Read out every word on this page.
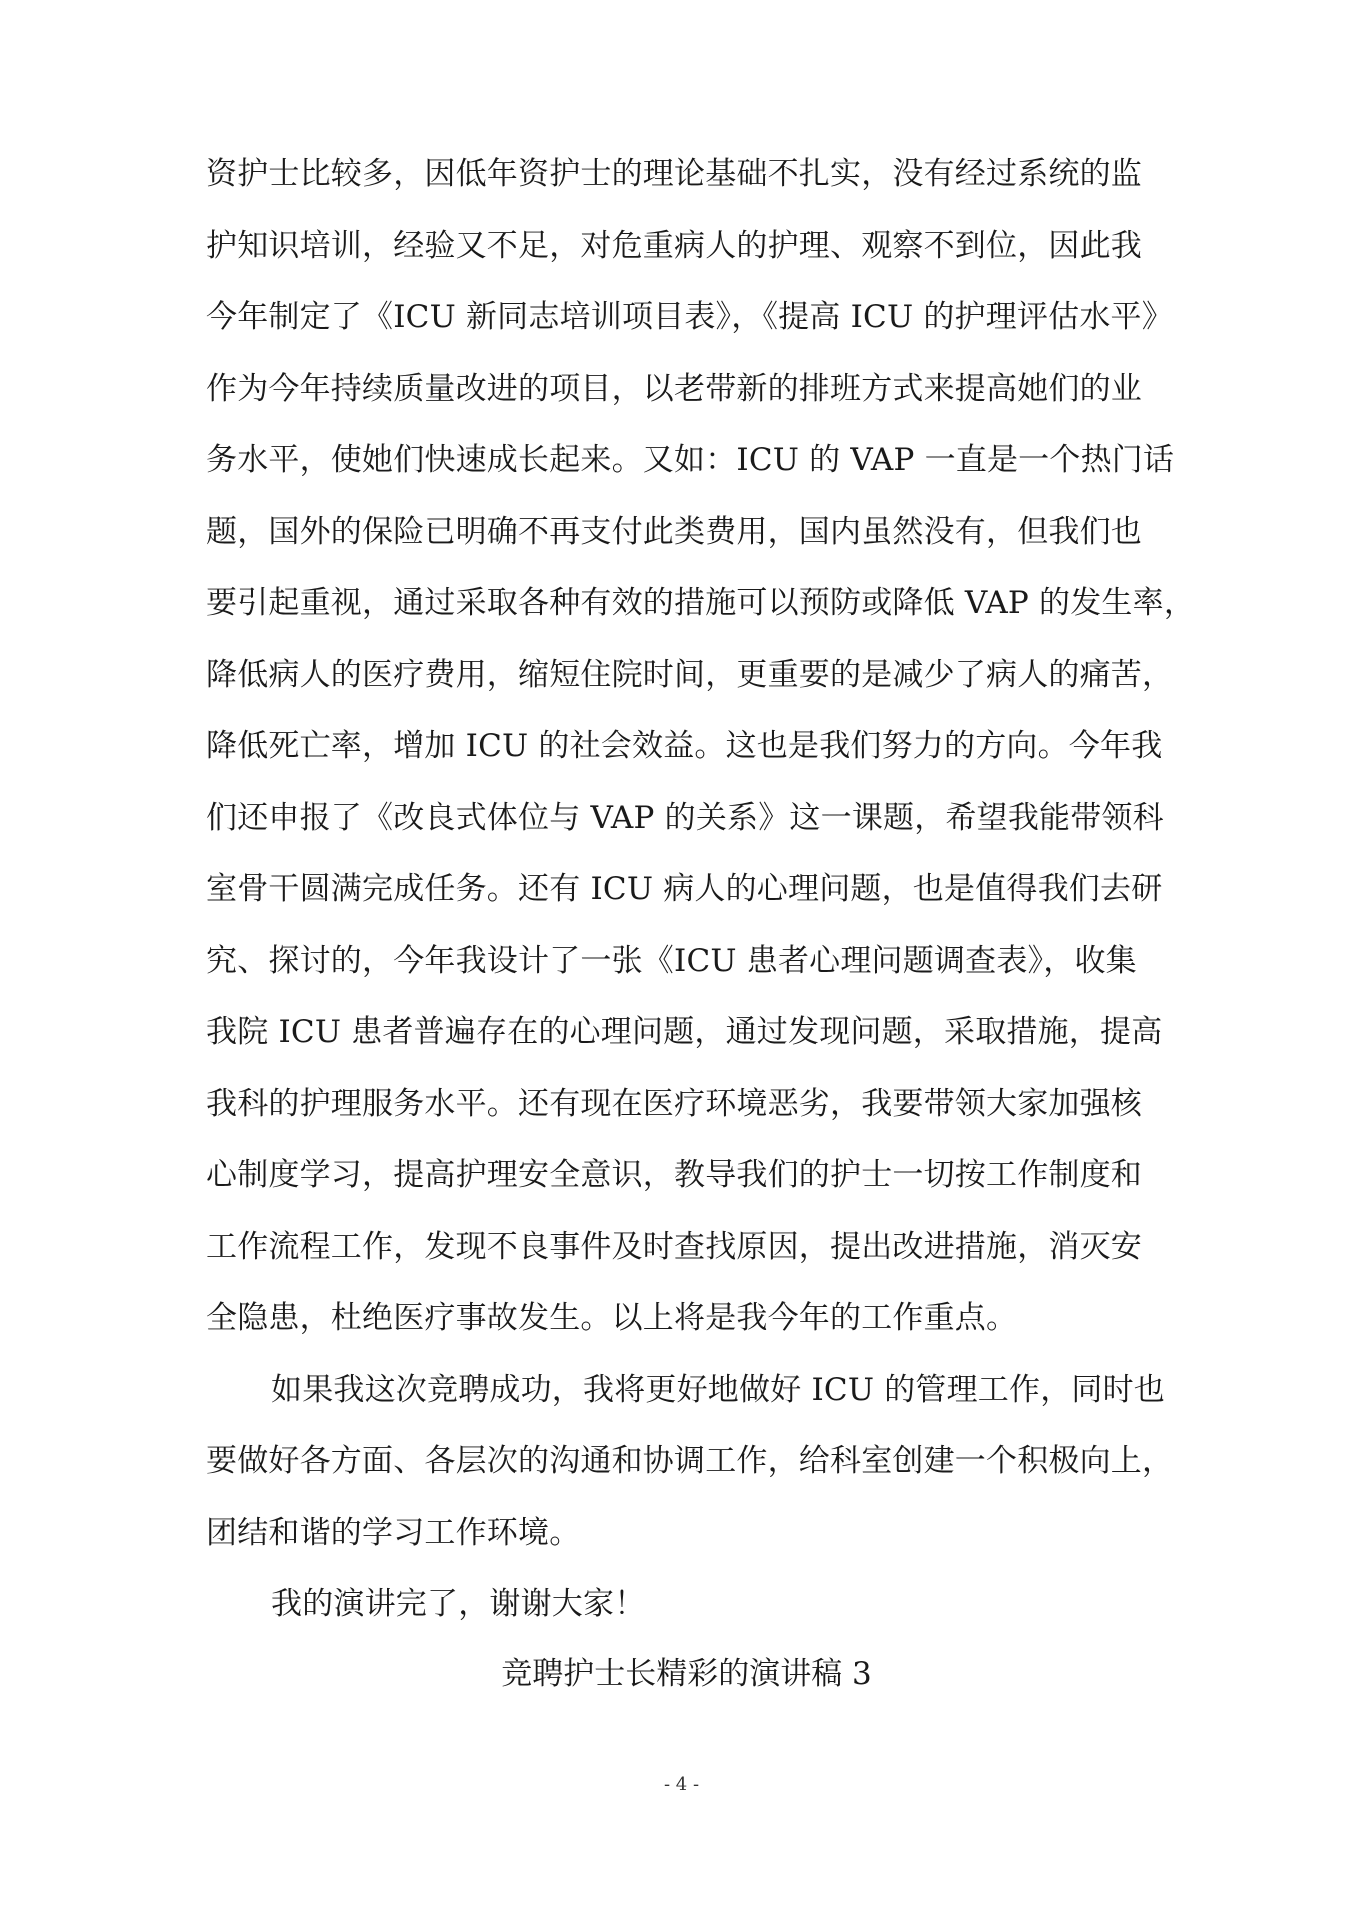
资护士比较多，因低年资护士的理论基础不扎实，没有经过系统的监
护知识培训，经验又不足，对危重病人的护理、观察不到位，因此我
今年制定了《ICU 新同志培训项目表》，《提高 ICU 的护理评估水平》
作为今年持续质量改进的项目，以老带新的排班方式来提高她们的业
务水平，使她们快速成长起来。又如：ICU 的 VAP 一直是一个热门话
题，国外的保险已明确不再支付此类费用，国内虽然没有，但我们也
要引起重视，通过采取各种有效的措施可以预防或降低 VAP 的发生率，
降低病人的医疗费用，缩短住院时间，更重要的是减少了病人的痛苦，
降低死亡率，增加 ICU 的社会效益。这也是我们努力的方向。今年我
们还申报了《改良式体位与 VAP 的关系》这一课题，希望我能带领科
室骨干圆满完成任务。还有 ICU 病人的心理问题，也是值得我们去研
究、探讨的，今年我设计了一张《ICU 患者心理问题调查表》，收集
我院 ICU 患者普遍存在的心理问题，通过发现问题，采取措施，提高
我科的护理服务水平。还有现在医疗环境恶劣，我要带领大家加强核
心制度学习，提高护理安全意识，教导我们的护士一切按工作制度和
工作流程工作，发现不良事件及时查找原因，提出改进措施，消灭安
全隐患，杜绝医疗事故发生。以上将是我今年的工作重点。
如果我这次竞聘成功，我将更好地做好 ICU 的管理工作，同时也
要做好各方面、各层次的沟通和协调工作，给科室创建一个积极向上，
团结和谐的学习工作环境。
我的演讲完了，谢谢大家！
竞聘护士长精彩的演讲稿 3
- 4 -
